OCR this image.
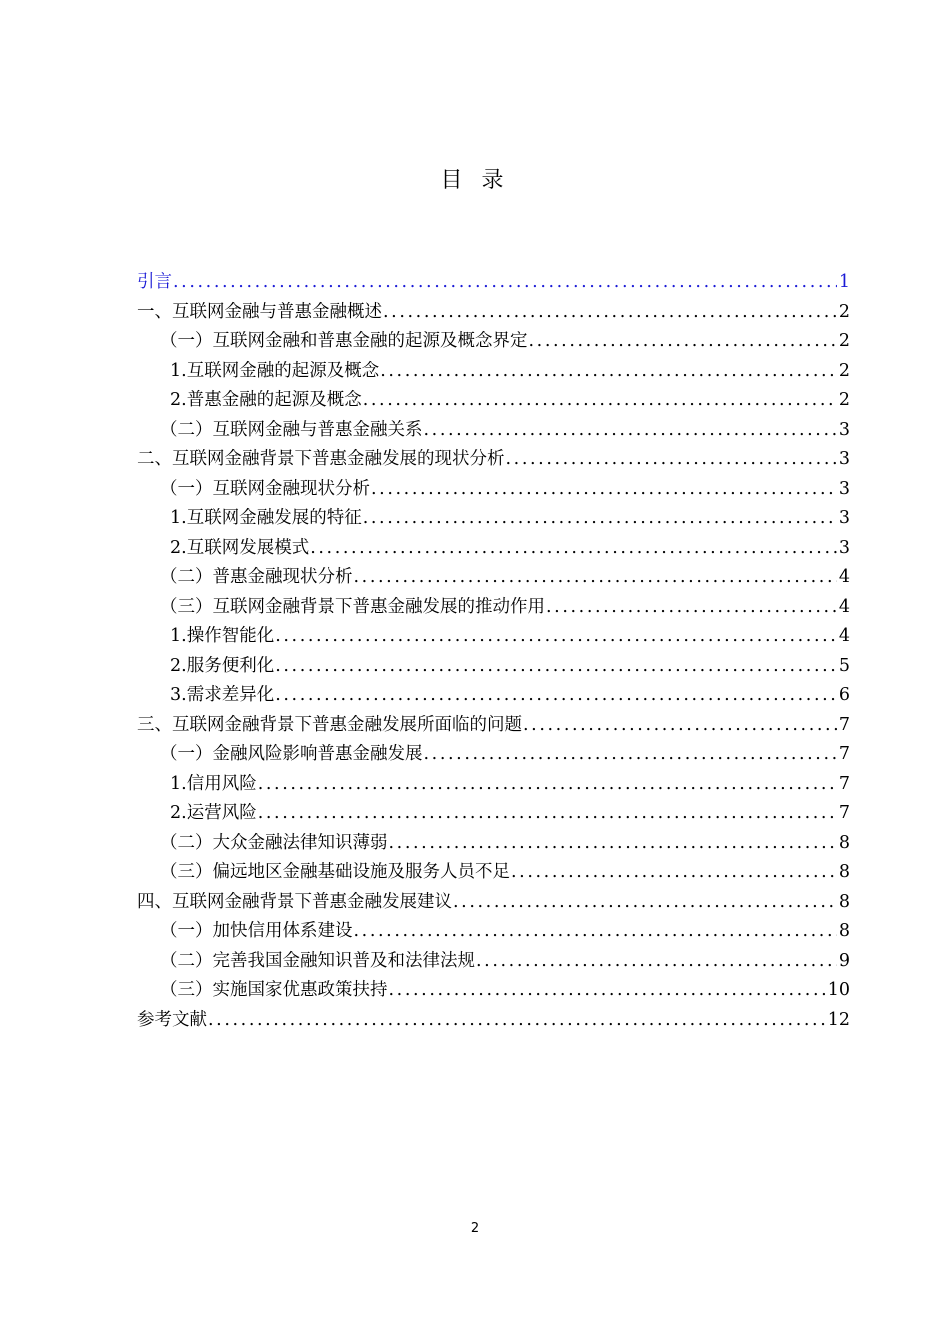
目 录
引言 .....	1
一、互联网金融与普惠金融概述 .....	2
（一）互联网金融和普惠金融的起源及概念界定 .....	2
1.互联网金融的起源及概念 .....	2
2.普惠金融的起源及概念 .....	2
（二）互联网金融与普惠金融关系 .....	3
二、互联网金融背景下普惠金融发展的现状分析 .....	3
（一）互联网金融现状分析 .....	3
1.互联网金融发展的特征 .....	3
2.互联网发展模式 .....	3
（二）普惠金融现状分析 .....	4
（三）互联网金融背景下普惠金融发展的推动作用 .....	4
1.操作智能化 .....	4
2.服务便利化 .....	5
3.需求差异化 .....	6
三、互联网金融背景下普惠金融发展所面临的问题 .....	7
（一）金融风险影响普惠金融发展 .....	7
1.信用风险 .....	7
2.运营风险 .....	7
（二）大众金融法律知识薄弱 .....	8
（三）偏远地区金融基础设施及服务人员不足 .....	8
四、互联网金融背景下普惠金融发展建议 .....	8
（一）加快信用体系建设 .....	8
（二）完善我国金融知识普及和法律法规 .....	9
（三）实施国家优惠政策扶持 .....	10
参考文献 .....	12
2
